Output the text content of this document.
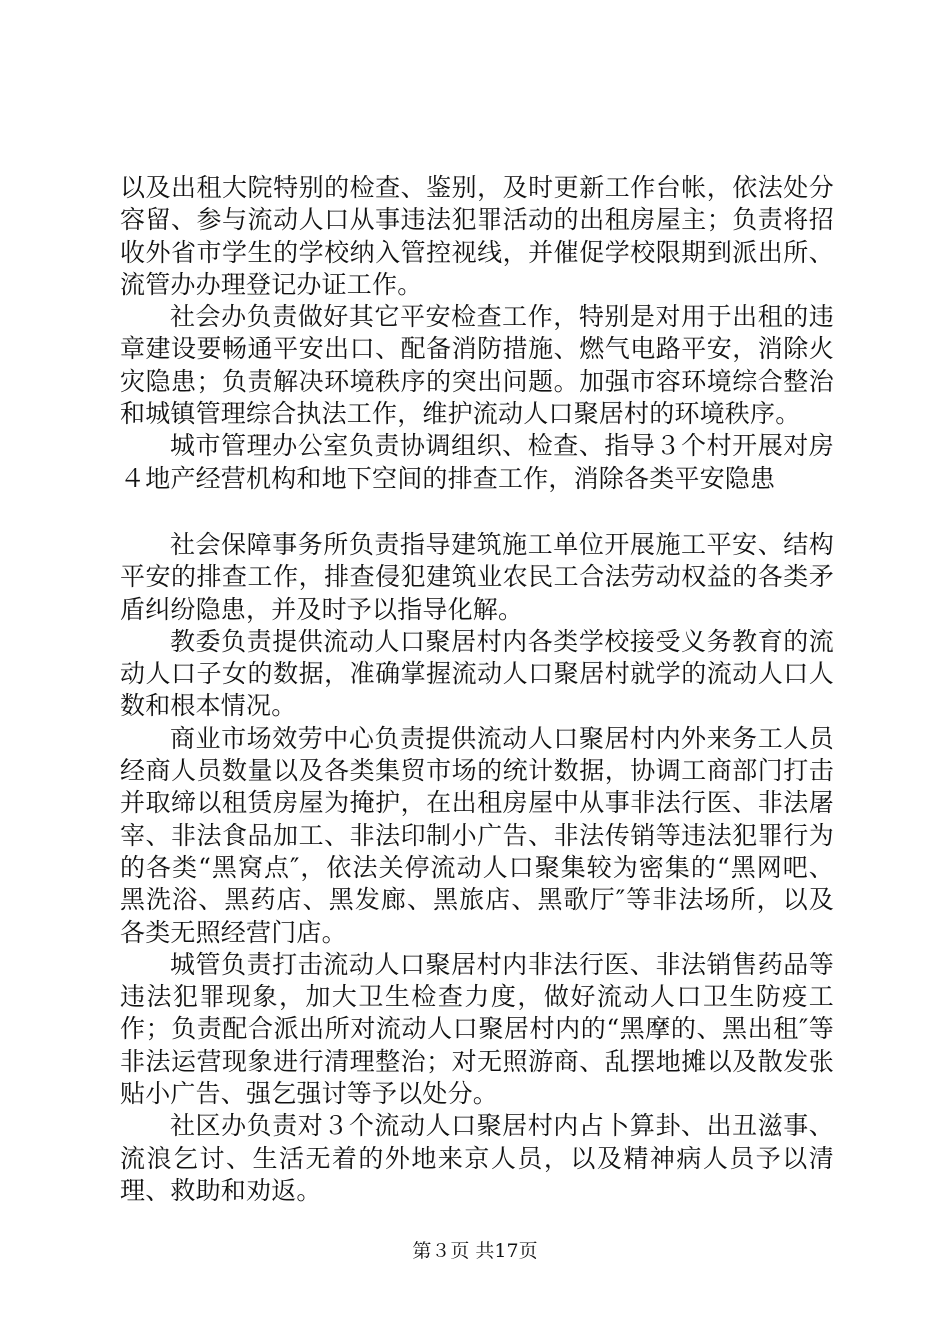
以及出租大院特别的检查、鉴别，及时更新工作台帐，依法处分容留、参与流动人口从事违法犯罪活动的出租房屋主；负责将招收外省市学生的学校纳入管控视线，并催促学校限期到派出所、流管办办理登记办证工作。

社会办负责做好其它平安检查工作，特别是对用于出租的违章建设要畅通平安出口、配备消防措施、燃气电路平安，消除火灾隐患；负责解决环境秩序的突出问题。加强市容环境综合整治和城镇管理综合执法工作，维护流动人口聚居村的环境秩序。

城市管理办公室负责协调组织、检查、指导３个村开展对房４地产经营机构和地下空间的排查工作，消除各类平安隐患

社会保障事务所负责指导建筑施工单位开展施工平安、结构平安的排查工作，排查侵犯建筑业农民工合法劳动权益的各类矛盾纠纷隐患，并及时予以指导化解。

教委负责提供流动人口聚居村内各类学校接受义务教育的流动人口子女的数据，准确掌握流动人口聚居村就学的流动人口人数和根本情况。

商业市场效劳中心负责提供流动人口聚居村内外来务工人员经商人员数量以及各类集贸市场的统计数据，协调工商部门打击并取缔以租赁房屋为掩护，在出租房屋中从事非法行医、非法屠宰、非法食品加工、非法印制小广告、非法传销等违法犯罪行为的各类“黑窝点″，依法关停流动人口聚集较为密集的“黑网吧、黑洗浴、黑药店、黑发廊、黑旅店、黑歌厅″等非法场所，以及各类无照经营门店。

城管负责打击流动人口聚居村内非法行医、非法销售药品等违法犯罪现象，加大卫生检查力度，做好流动人口卫生防疫工作；负责配合派出所对流动人口聚居村内的“黑摩的、黑出租″等非法运营现象进行清理整治；对无照游商、乱摆地摊以及散发张贴小广告、强乞强讨等予以处分。

社区办负责对３个流动人口聚居村内占卜算卦、出丑滋事、流浪乞讨、生活无着的外地来京人员，以及精神病人员予以清理、救助和劝返。

第３页 共17页
